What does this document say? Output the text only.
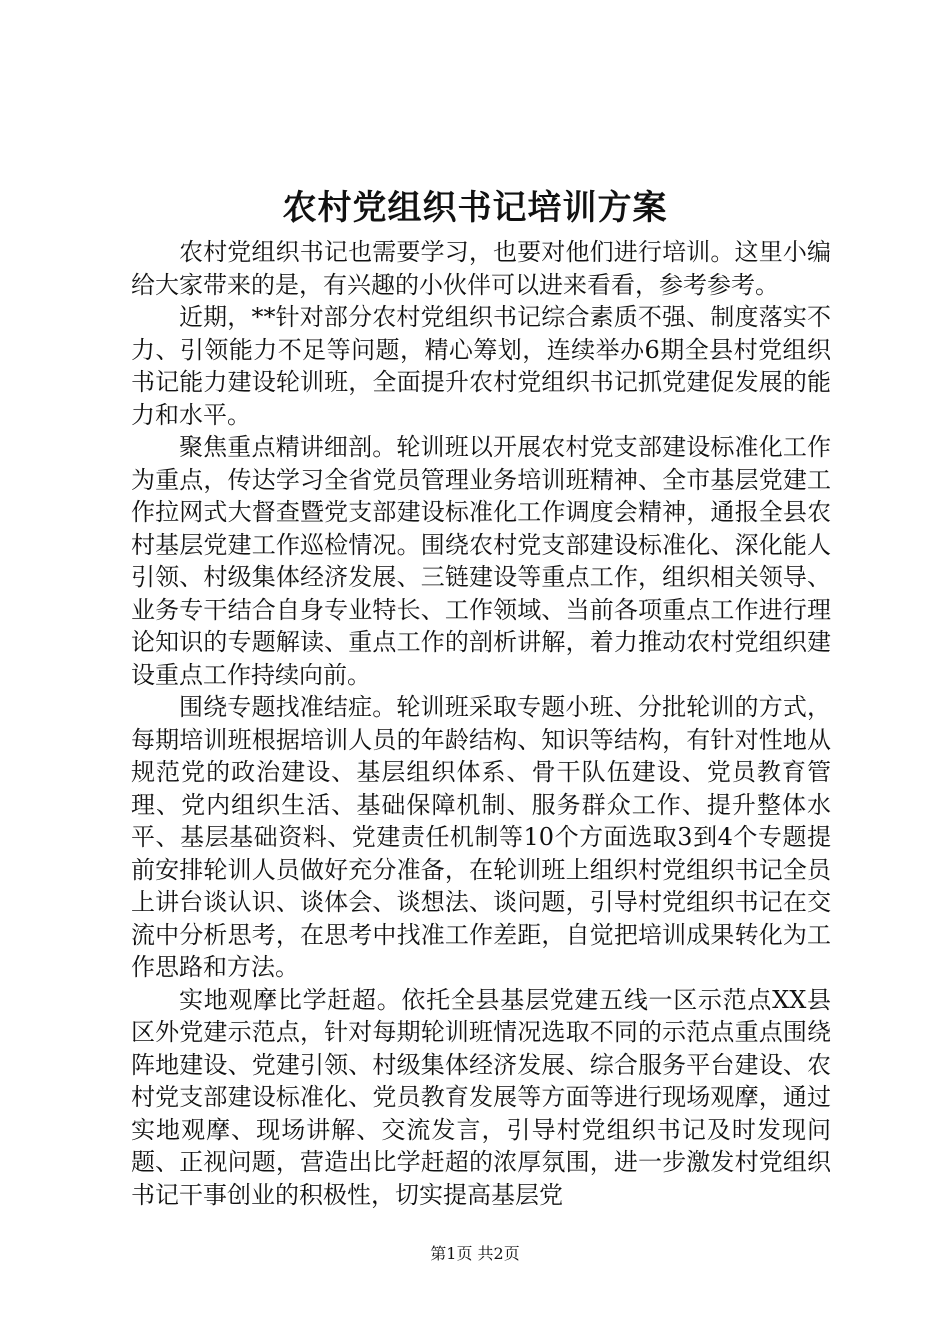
农村党组织书记培训方案

农村党组织书记也需要学习，也要对他们进行培训。这里小编给大家带来的是，有兴趣的小伙伴可以进来看看，参考参考。

近期，**针对部分农村党组织书记综合素质不强、制度落实不力、引领能力不足等问题，精心筹划，连续举办6期全县村党组织书记能力建设轮训班，全面提升农村党组织书记抓党建促发展的能力和水平。

聚焦重点精讲细剖。轮训班以开展农村党支部建设标准化工作为重点，传达学习全省党员管理业务培训班精神、全市基层党建工作拉网式大督查暨党支部建设标准化工作调度会精神，通报全县农村基层党建工作巡检情况。围绕农村党支部建设标准化、深化能人引领、村级集体经济发展、三链建设等重点工作，组织相关领导、业务专干结合自身专业特长、工作领域、当前各项重点工作进行理论知识的专题解读、重点工作的剖析讲解，着力推动农村党组织建设重点工作持续向前。

围绕专题找准结症。轮训班采取专题小班、分批轮训的方式，每期培训班根据培训人员的年龄结构、知识等结构，有针对性地从规范党的政治建设、基层组织体系、骨干队伍建设、党员教育管理、党内组织生活、基础保障机制、服务群众工作、提升整体水平、基层基础资料、党建责任机制等10个方面选取3到4个专题提前安排轮训人员做好充分准备，在轮训班上组织村党组织书记全员上讲台谈认识、谈体会、谈想法、谈问题，引导村党组织书记在交流中分析思考，在思考中找准工作差距，自觉把培训成果转化为工作思路和方法。

实地观摩比学赶超。依托全县基层党建五线一区示范点XX县区外党建示范点，针对每期轮训班情况选取不同的示范点重点围绕阵地建设、党建引领、村级集体经济发展、综合服务平台建设、农村党支部建设标准化、党员教育发展等方面等进行现场观摩，通过实地观摩、现场讲解、交流发言，引导村党组织书记及时发现问题、正视问题，营造出比学赶超的浓厚氛围，进一步激发村党组织书记干事创业的积极性，切实提高基层党

第1页 共2页
